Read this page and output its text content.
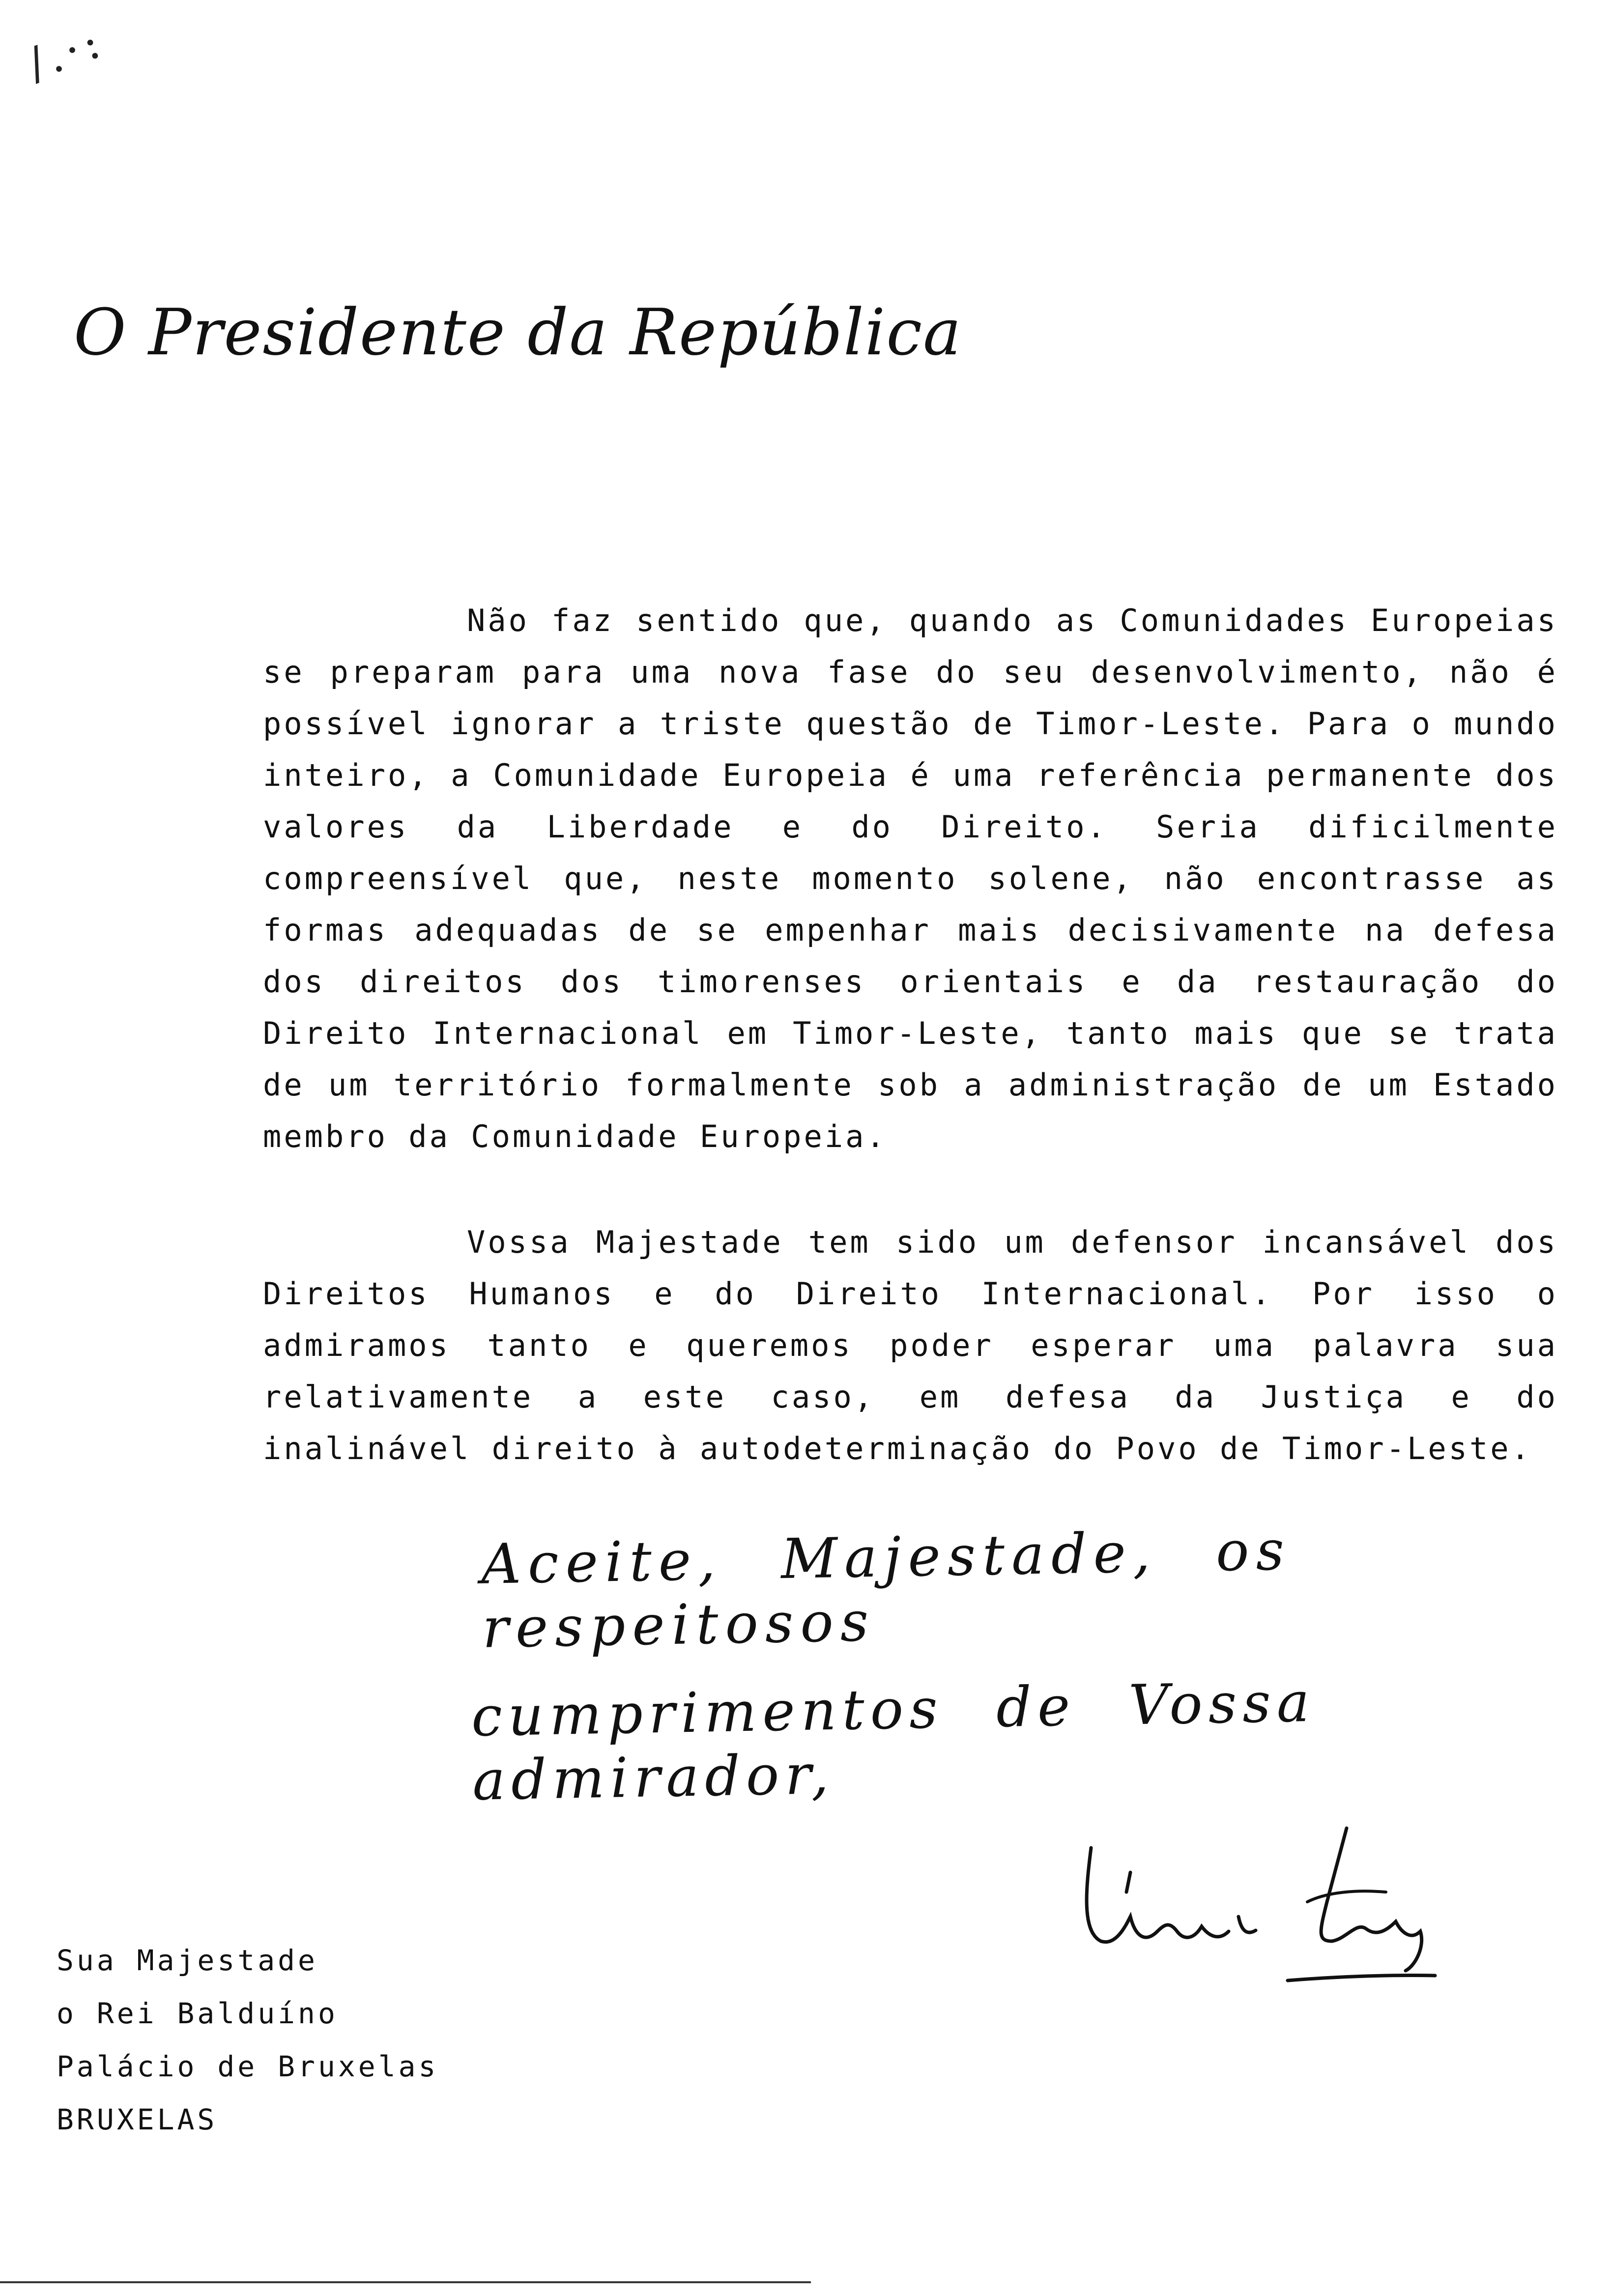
/.·:
O Presidente da República
Não faz sentido que, quando as Comunidades Europeias se preparam para uma nova fase do seu desenvolvimento, não é possível ignorar a triste questão de Timor-Leste. Para o mundo inteiro, a Comunidade Europeia é uma referência permanente dos valores da Liberdade e do Direito. Seria dificilmente compreensível que, neste momento solene, não encontrasse as formas adequadas de se empenhar mais decisivamente na defesa dos direitos dos timorenses orientais e da restauração do Direito Internacional em Timor-Leste, tanto mais que se trata de um território formalmente sob a administração de um Estado membro da Comunidade Europeia.
Vossa Majestade tem sido um defensor incansável dos Direitos Humanos e do Direito Internacional. Por isso o admiramos tanto e queremos poder esperar uma palavra sua relativamente a este caso, em defesa da Justiça e do inalinável direito à autodeterminação do Povo de Timor-Leste.
Aceite, Majestade, os respeitosos
cumprimentos de Vossa admirador,
Sua Majestade
o Rei Balduíno
Palácio de Bruxelas
BRUXELAS
